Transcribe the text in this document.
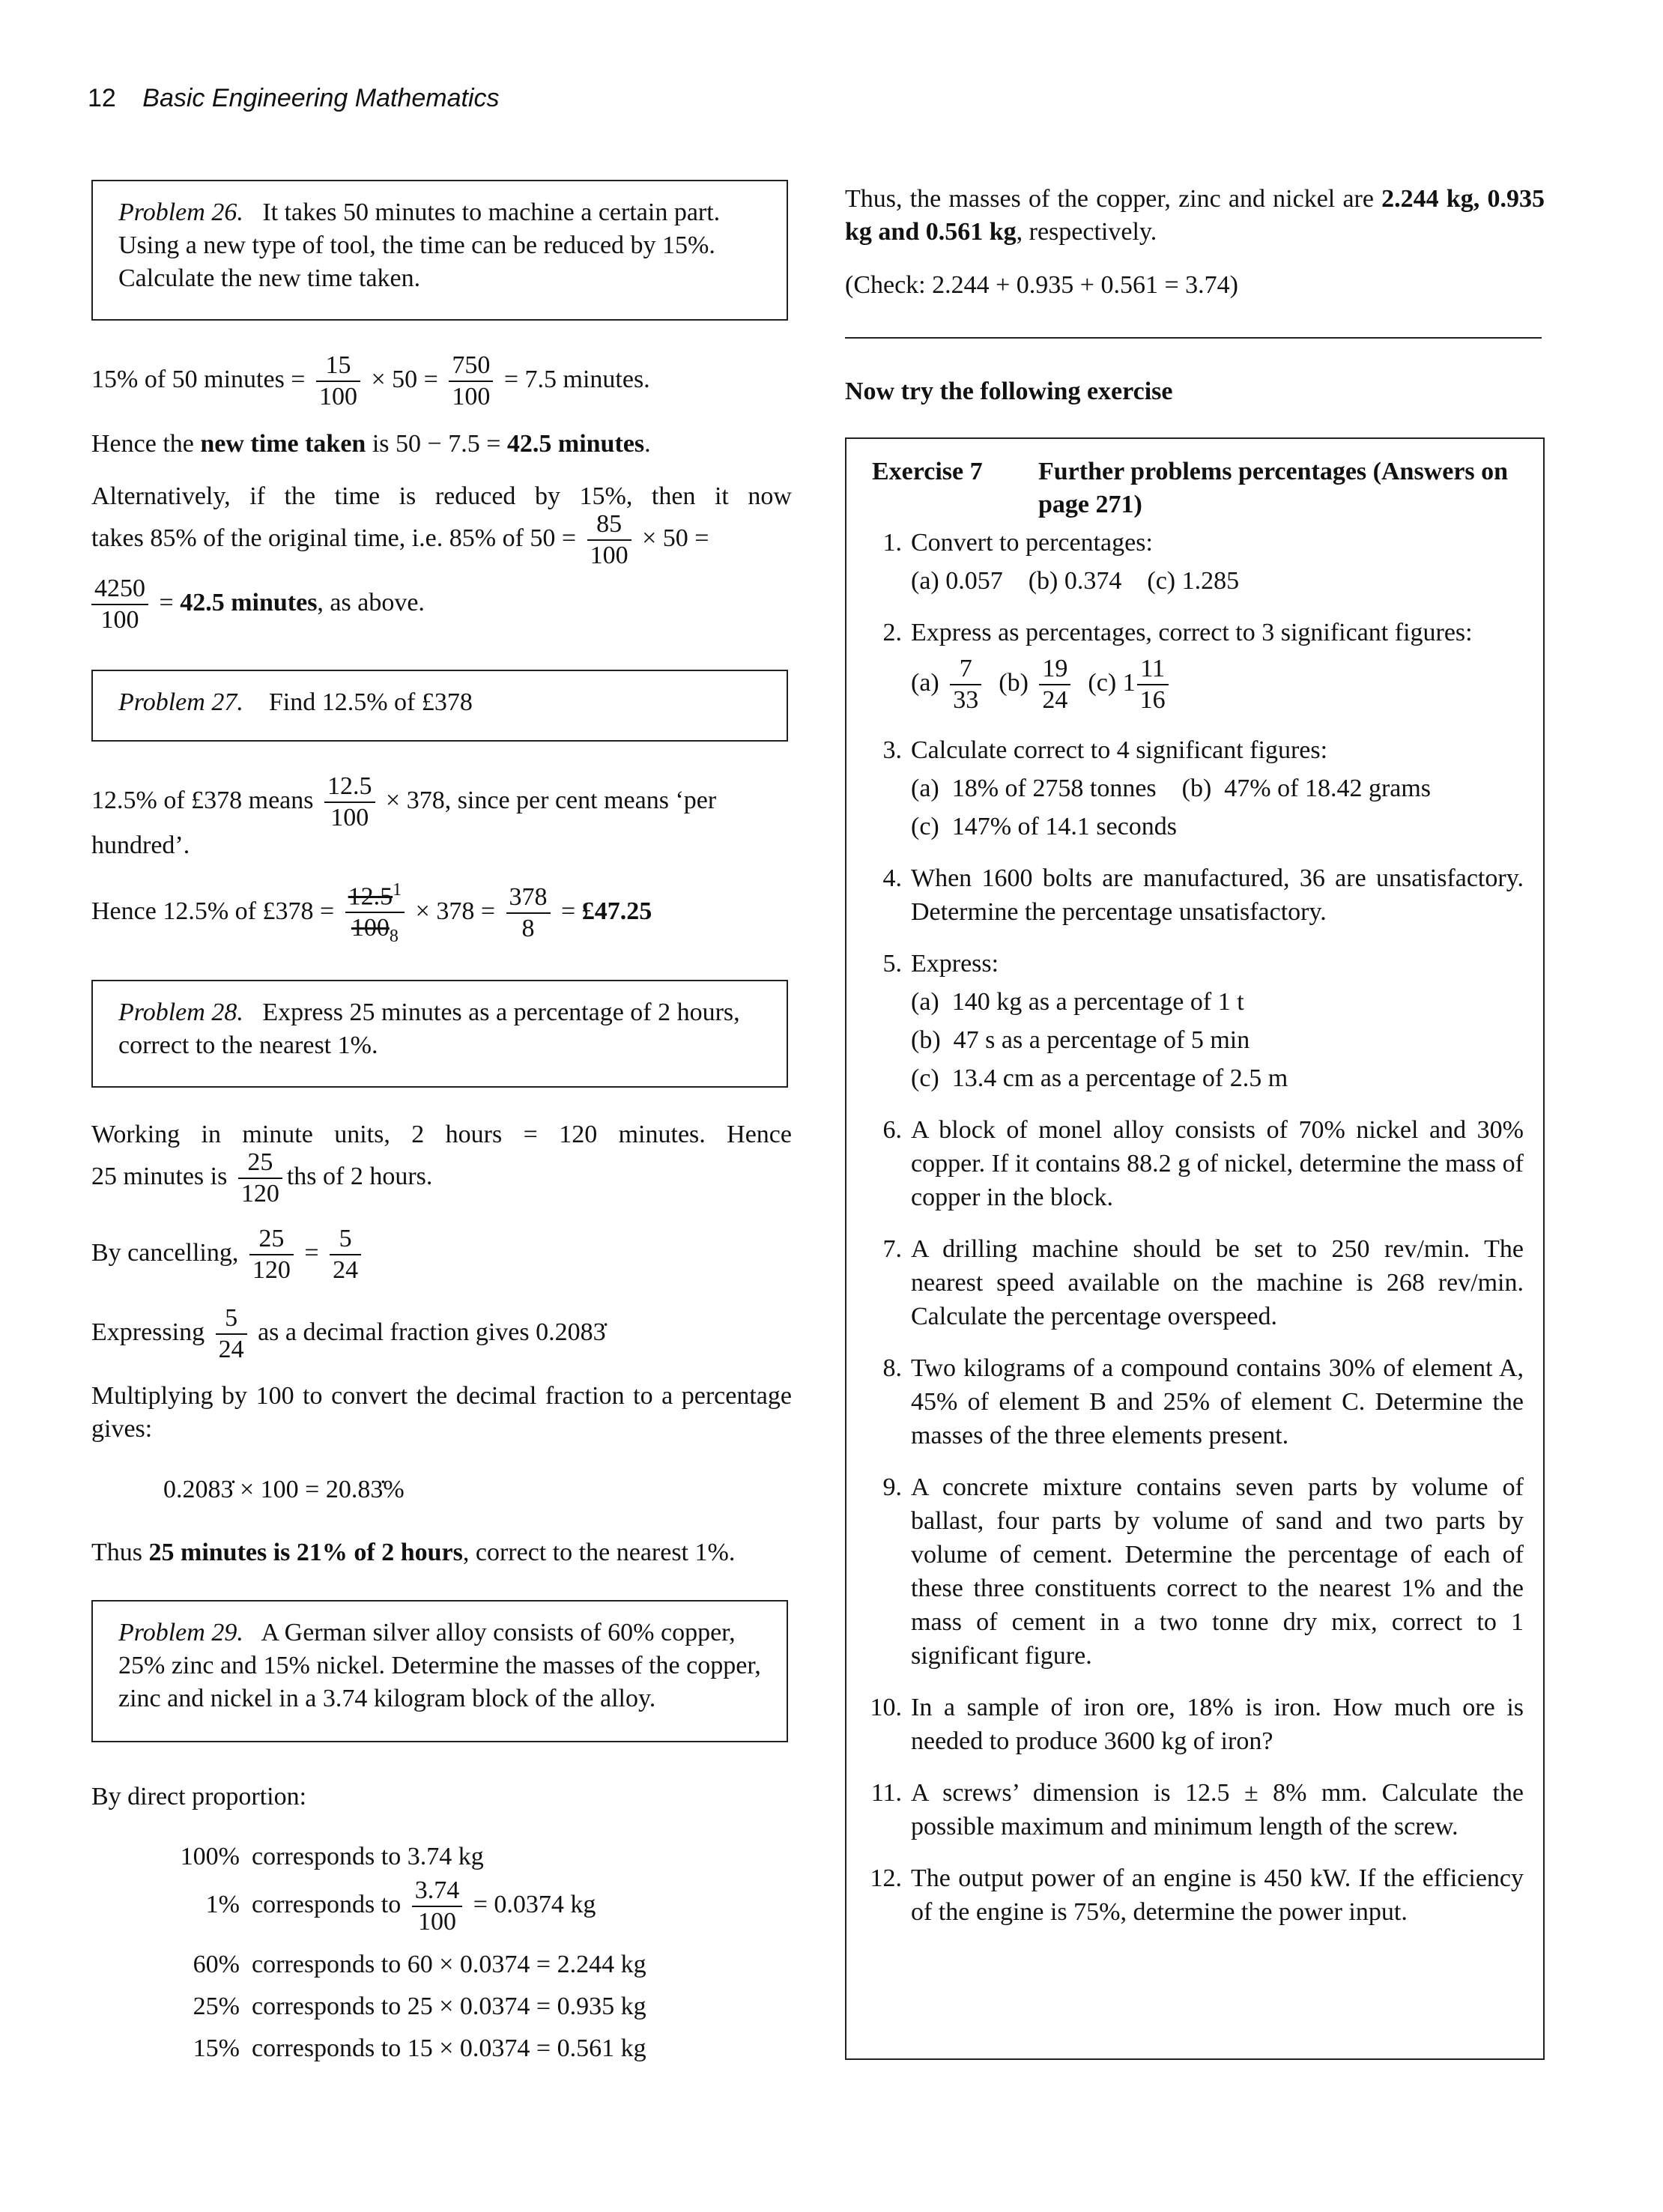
12 Basic Engineering Mathematics
Problem 26. It takes 50 minutes to machine a certain part. Using a new type of tool, the time can be reduced by 15%. Calculate the new time taken.
15% of 50 minutes = $\frac{15}{100} \times 50 = \frac{750}{100} = 7.5$ minutes.
Hence the new time taken is 50 − 7.5 = 42.5 minutes.
Alternatively, if the time is reduced by 15%, then it now
takes 85% of the original time, i.e. 85% of $50 = \frac{85}{100} \times 50$ =
$\frac{4250}{100} = 42.5$ minutes, as above.
Problem 27. Find 12.5% of £378
12.5% of £378 means $\frac{12.5}{100} \times 378$, since per cent means ‘per
hundred’.
Hence 12.5% of £378 = $\frac{12.5^1}{100_8} \times 378 = \frac{378}{8}$ = £47.25
Problem 28. Express 25 minutes as a percentage of 2 hours, correct to the nearest 1%.
Working in minute units, 2 hours = 120 minutes. Hence
25 minutes is $\frac{25}{120}$ ths of 2 hours.
By cancelling, $\frac{25}{120} = \frac{5}{24}$
Expressing $\frac{5}{24}$ as a decimal fraction gives 0.2083̇
Multiplying by 100 to convert the decimal fraction to a percentage gives:
0.2083̇ × 100 = 20.83̇%
Thus 25 minutes is 21% of 2 hours, correct to the nearest 1%.
Problem 29. A German silver alloy consists of 60% copper, 25% zinc and 15% nickel. Determine the masses of the copper, zinc and nickel in a 3.74 kilogram block of the alloy.
By direct proportion:
100% corresponds to 3.74 kg
1% corresponds to $\frac{3.74}{100} = 0.0374$ kg
60% corresponds to 60 × 0.0374 = 2.244 kg
25% corresponds to 25 × 0.0374 = 0.935 kg
15% corresponds to 15 × 0.0374 = 0.561 kg
Thus, the masses of the copper, zinc and nickel are 2.244 kg, 0.935 kg and 0.561 kg, respectively.
(Check: 2.244 + 0.935 + 0.561 = 3.74)
Now try the following exercise
Exercise 7	Further problems percentages (Answers on page 271)
1. Convert to percentages:
(a) 0.057    (b) 0.374    (c) 1.285
2. Express as percentages, correct to 3 significant figures:
$(a) \frac{7}{33} (b) \frac{19}{24} (c)$ $1 \frac{11}{16}$
3. Calculate correct to 4 significant figures:
(a)  18% of 2758 tonnes    (b)  47% of 18.42 grams
(c)  147% of 14.1 seconds
4. When 1600 bolts are manufactured, 36 are unsatisfactory. Determine the percentage unsatisfactory.
5. Express:
(a)  140 kg as a percentage of 1 t
(b)  47 s as a percentage of 5 min
(c)  13.4 cm as a percentage of 2.5 m
6. A block of monel alloy consists of 70% nickel and 30% copper. If it contains 88.2 g of nickel, determine the mass of copper in the block.
7. A drilling machine should be set to 250 rev/min. The nearest speed available on the machine is 268 rev/min. Calculate the percentage overspeed.
8. Two kilograms of a compound contains 30% of element A, 45% of element B and 25% of element C. Determine the masses of the three elements present.
9. A concrete mixture contains seven parts by volume of ballast, four parts by volume of sand and two parts by volume of cement. Determine the percentage of each of these three constituents correct to the nearest 1% and the mass of cement in a two tonne dry mix, correct to 1 significant figure.
10. In a sample of iron ore, 18% is iron. How much ore is needed to produce 3600 kg of iron?
11. A screws’ dimension is 12.5 ± 8% mm. Calculate the possible maximum and minimum length of the screw.
12. The output power of an engine is 450 kW. If the efficiency of the engine is 75%, determine the power input.
